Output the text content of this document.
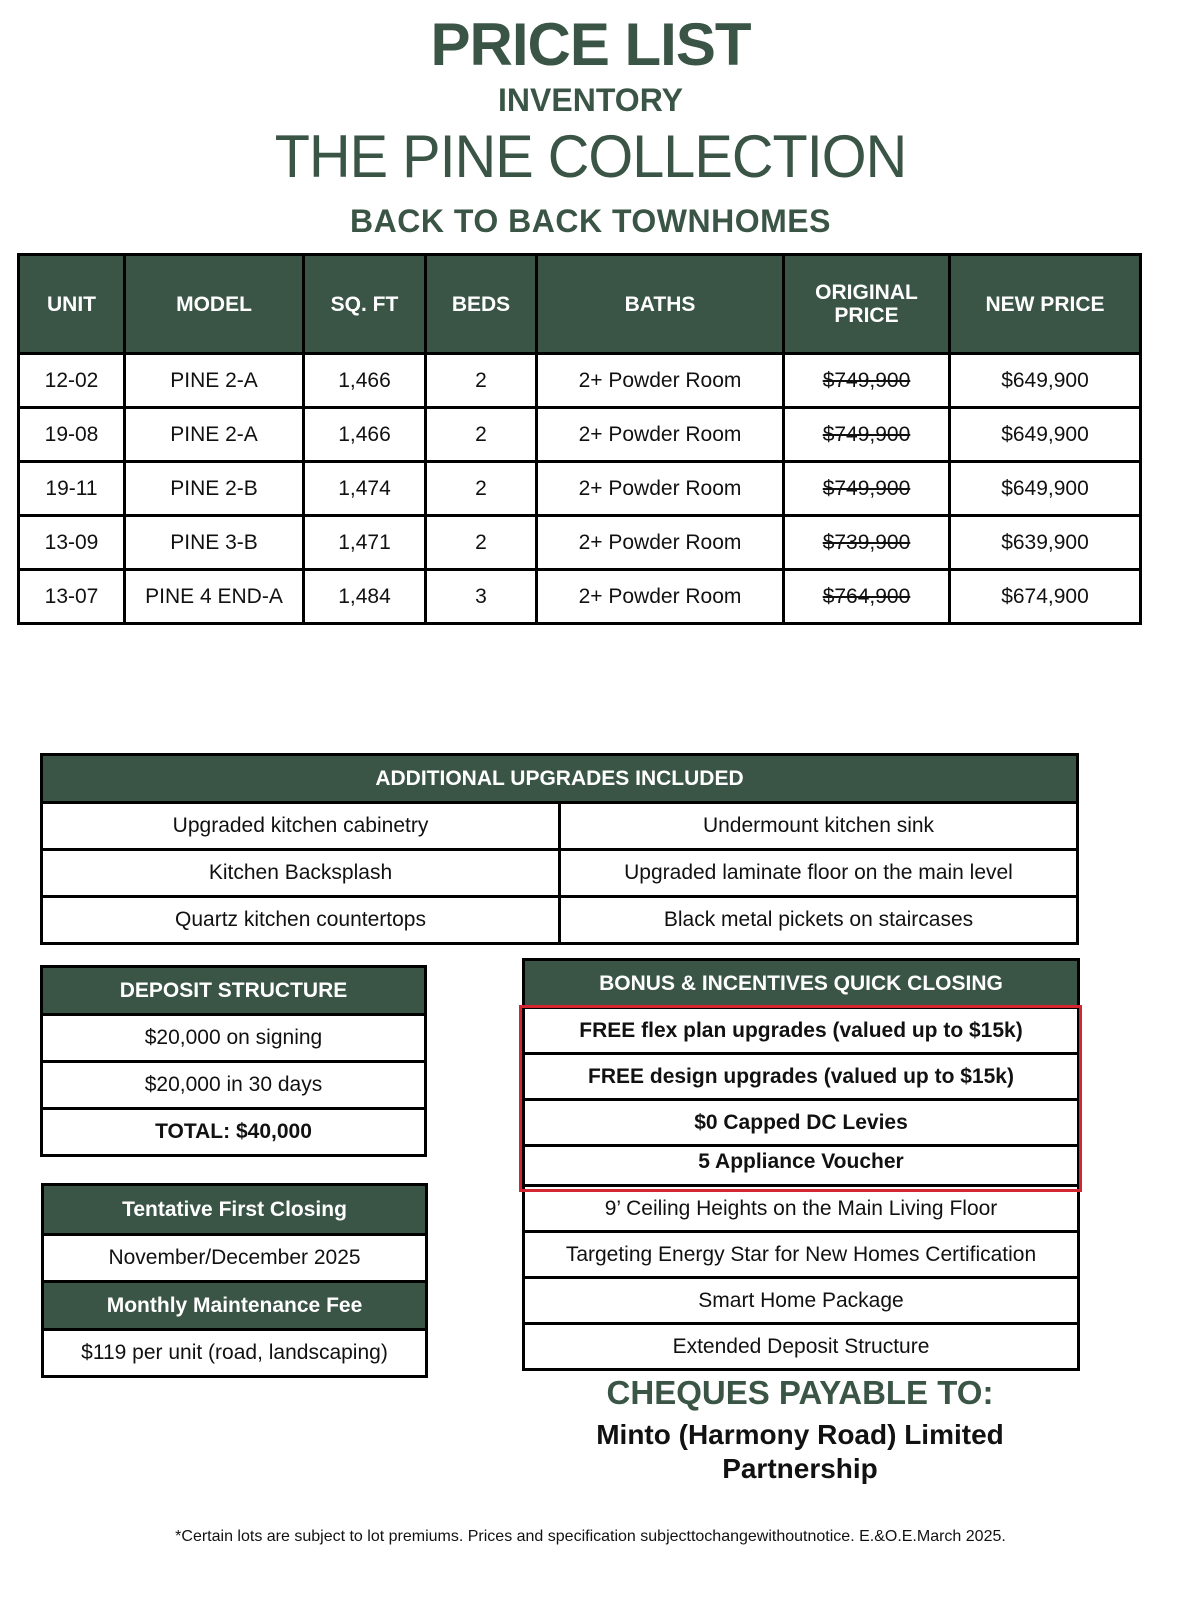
PRICE LIST
INVENTORY
THE PINE COLLECTION
BACK TO BACK TOWNHOMES
UNIT	MODEL	SQ. FT	BEDS	BATHS	ORIGINAL PRICE	NEW PRICE
12-02	PINE 2-A	1,466	2	2+ Powder Room	$749,900	$649,900
19-08	PINE 2-A	1,466	2	2+ Powder Room	$749,900	$649,900
19-11	PINE 2-B	1,474	2	2+ Powder Room	$749,900	$649,900
13-09	PINE 3-B	1,471	2	2+ Powder Room	$739,900	$639,900
13-07	PINE 4 END-A	1,484	3	2+ Powder Room	$764,900	$674,900
ADDITIONAL UPGRADES INCLUDED	
Upgraded kitchen cabinetry	Undermount kitchen sink
Kitchen Backsplash	Upgraded laminate floor on the main level
Quartz kitchen countertops	Black metal pickets on staircases
DEPOSIT STRUCTURE
$20,000 on signing
$20,000 in 30 days
TOTAL: $40,000
Tentative First Closing
November/December 2025
Monthly Maintenance Fee
$119 per unit (road, landscaping)
BONUS & INCENTIVES QUICK CLOSING
FREE flex plan upgrades (valued up to $15k)
FREE design upgrades (valued up to $15k)
$0 Capped DC Levies
5 Appliance Voucher
9’ Ceiling Heights on the Main Living Floor
Targeting Energy Star for New Homes Certification
Smart Home Package
Extended Deposit Structure
CHEQUES PAYABLE TO:
Minto (Harmony Road) Limited Partnership
*Certain lots are subject to lot premiums. Prices and specification subjecttochangewithoutnotice. E.&O.E.March 2025.
